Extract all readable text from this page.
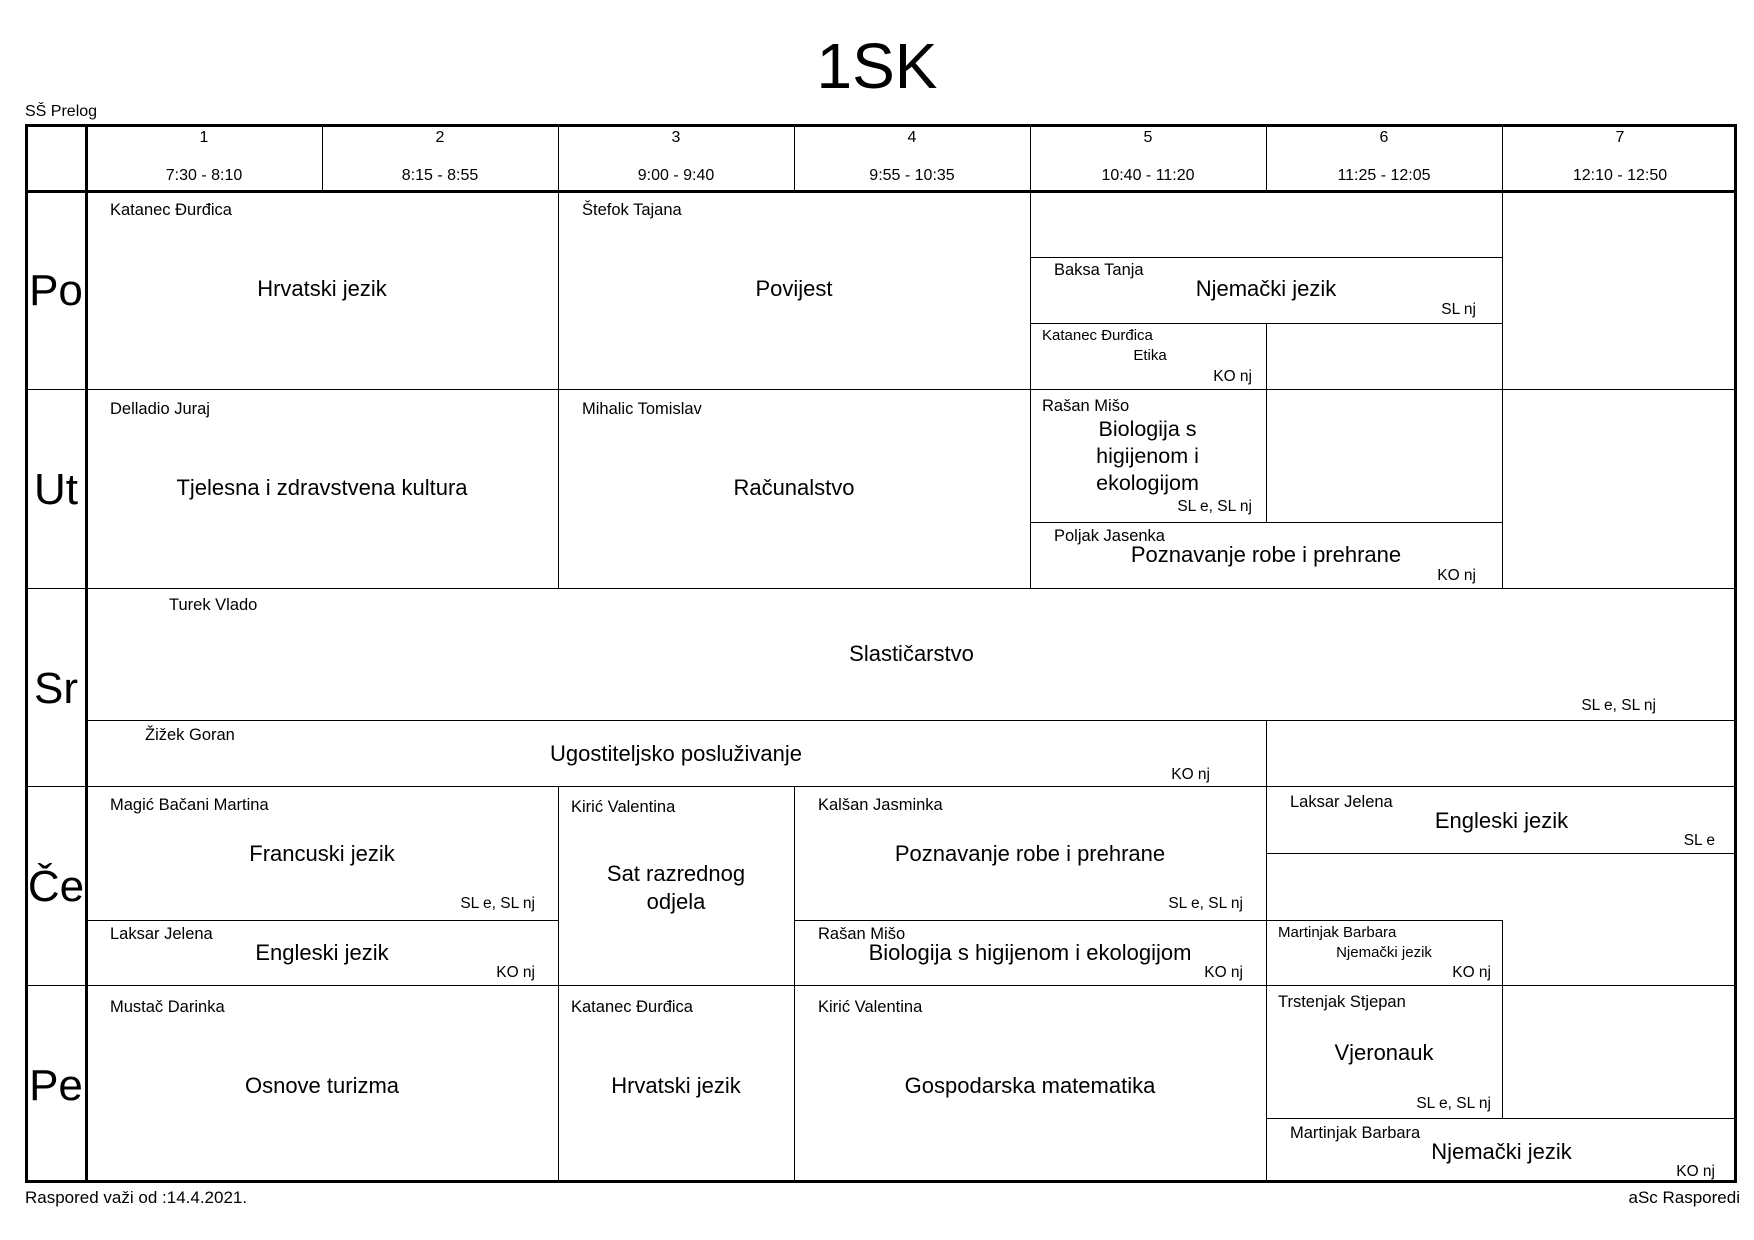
1SK
SŠ Prelog
1
7:30 - 8:10
2
8:15 - 8:55
3
9:00 - 9:40
4
9:55 - 10:35
5
10:40 - 11:20
6
11:25 - 12:05
7
12:10 - 12:50
Po
Ut
Sr
Če
Pe
Katanec Đurđica
Hrvatski jezik
Štefok Tajana
Povijest
Baksa Tanja
Njemački jezik
SL nj
Katanec Đurđica
Etika
KO nj
Delladio Juraj
Tjelesna i zdravstvena kultura
Mihalic Tomislav
Računalstvo
Rašan Mišo
Biologija s higijenom i ekologijom
SL e, SL nj
Poljak Jasenka
Poznavanje robe i prehrane
KO nj
Turek Vlado
Slastičarstvo
SL e, SL nj
Žižek Goran
Ugostiteljsko posluživanje
KO nj
Magić Bačani Martina
Francuski jezik
SL e, SL nj
Laksar Jelena
Engleski jezik
KO nj
Kirić Valentina
Sat razrednog odjela
Kalšan Jasminka
Poznavanje robe i prehrane
SL e, SL nj
Rašan Mišo
Biologija s higijenom i ekologijom
KO nj
Laksar Jelena
Engleski jezik
SL e
Martinjak Barbara
Njemački jezik
KO nj
Mustač Darinka
Osnove turizma
Katanec Đurđica
Hrvatski jezik
Kirić Valentina
Gospodarska matematika
Trstenjak Stjepan
Vjeronauk
SL e, SL nj
Martinjak Barbara
Njemački jezik
KO nj
Raspored važi od :14.4.2021.	aSc Rasporedi
